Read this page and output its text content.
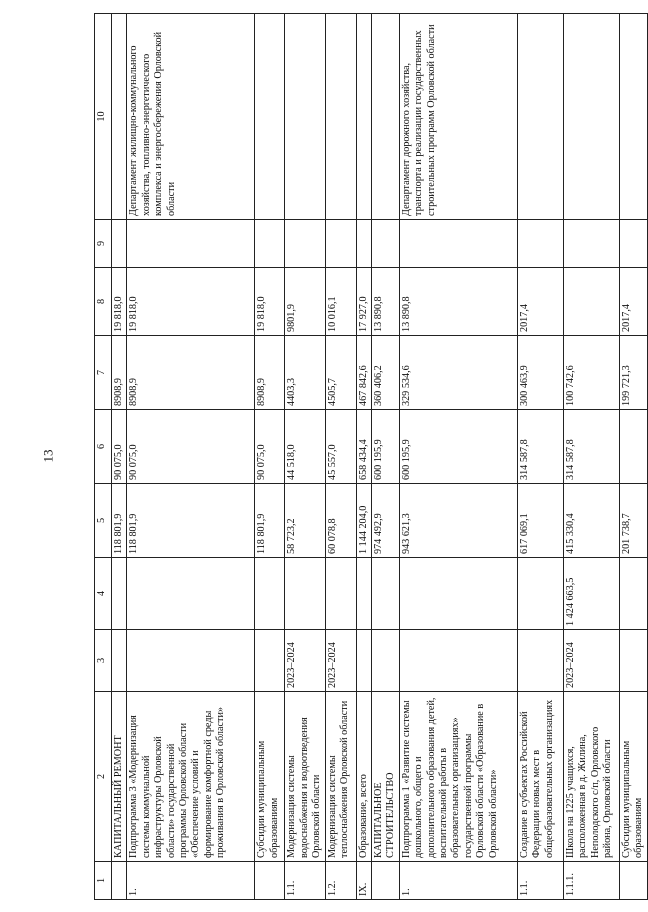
13
1	2	3	4	5	6	7	8	9	10
	КАПИТАЛЬНЫЙ РЕМОНТ			118 801,9	90 075,0	8908,9	19 818,0		
1.	Подпрограмма 3 «Модернизация системы коммунальной инфраструктуры Орловской области» государственной программы Орловской области «Обеспечение условий и формирование комфортной среды проживания в Орловской области»			118 801,9	90 075,0	8908,9	19 818,0		Департамент жилищно-коммунального хозяйства, топливно-энергетического комплекса и энергосбережения Орловской области
	Субсидии муниципальным образованиям			118 801,9	90 075,0	8908,9	19 818,0		
1.1.	Модернизация системы водоснабжения и водоотведения Орловской области	2023–2024		58 723,2	44 518,0	4403,3	9801,9		
1.2.	Модернизация системы теплоснабжения Орловской области	2023–2024		60 078,8	45 557,0	4505,7	10 016,1		
IX.	Образование, всего			1 144 204,0	658 434,4	467 842,6	17 927,0		
	КАПИТАЛЬНОЕ СТРОИТЕЛЬСТВО			974 492,9	600 195,9	360 406,2	13 890,8		
1.	Подпрограмма 1 «Развитие системы дошкольного, общего и дополнительного образования детей, воспитательной работы в образовательных организациях» государственной программы Орловской области «Образование в Орловской области»			943 621,3	600 195,9	329 534,6	13 890,8		Департамент дорожного хозяйства, транспорта и реализации государственных строительных программ Орловской области
1.1.	Создание в субъектах Российской Федерации новых мест в общеобразовательных организациях			617 069,1	314 587,8	300 463,9	2017,4		
1.1.1.	Школа на 1225 учащихся, расположенная в д. Жилина, Неполодского с/п, Орловского района, Орловской области	2023–2024	1 424 663,5	415 330,4	314 587,8	100 742,6			
	Субсидии муниципальным образованиям			201 738,7		199 721,3	2017,4		
